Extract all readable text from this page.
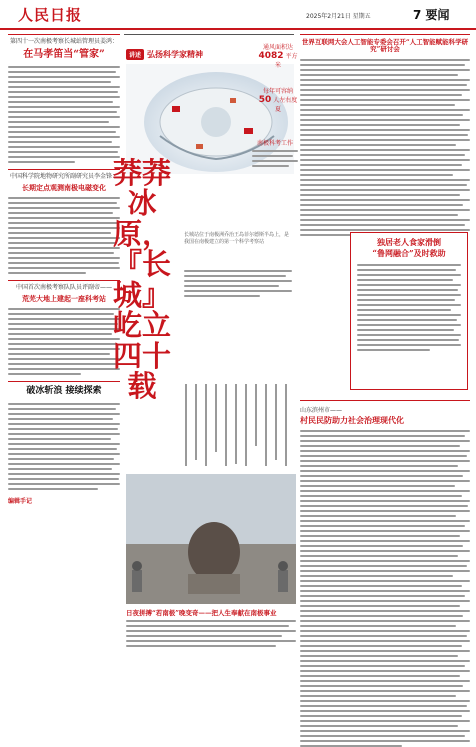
人民日报	2025年2月21日 星期五	7 要闻
第四十一次南极考察长城站管理员姜鸿：
在马孝笛当“管家”
中国科学院地物研究所副研究员李金锋：
长期定点观测南极电磁变化
中国首次南极考察队队员评副帝——
荒芜大地上建起一座科考站
破冰斩浪 接续探索
编辑手记
讲述 弘扬科学家精神
通风面积达
4082 平方米
每年可容纳
50 人左右度夏
莽莽冰原，『长城』屹立四十载
长城站位于南极洲乔治王岛菲尔德斯半岛上，是我国在南极建立的第一个科学考察站
日夜拼搏“若南极”晚变奇——把人生奉献在南极事业
南极科考工作
世界互联网大会人工智能专委会召开“人工智能赋能科学研究”研讨会
独居老人食家滑倒
“鲁网融合”及时救助
山东滨州市——
村民民防助力社会治理现代化
